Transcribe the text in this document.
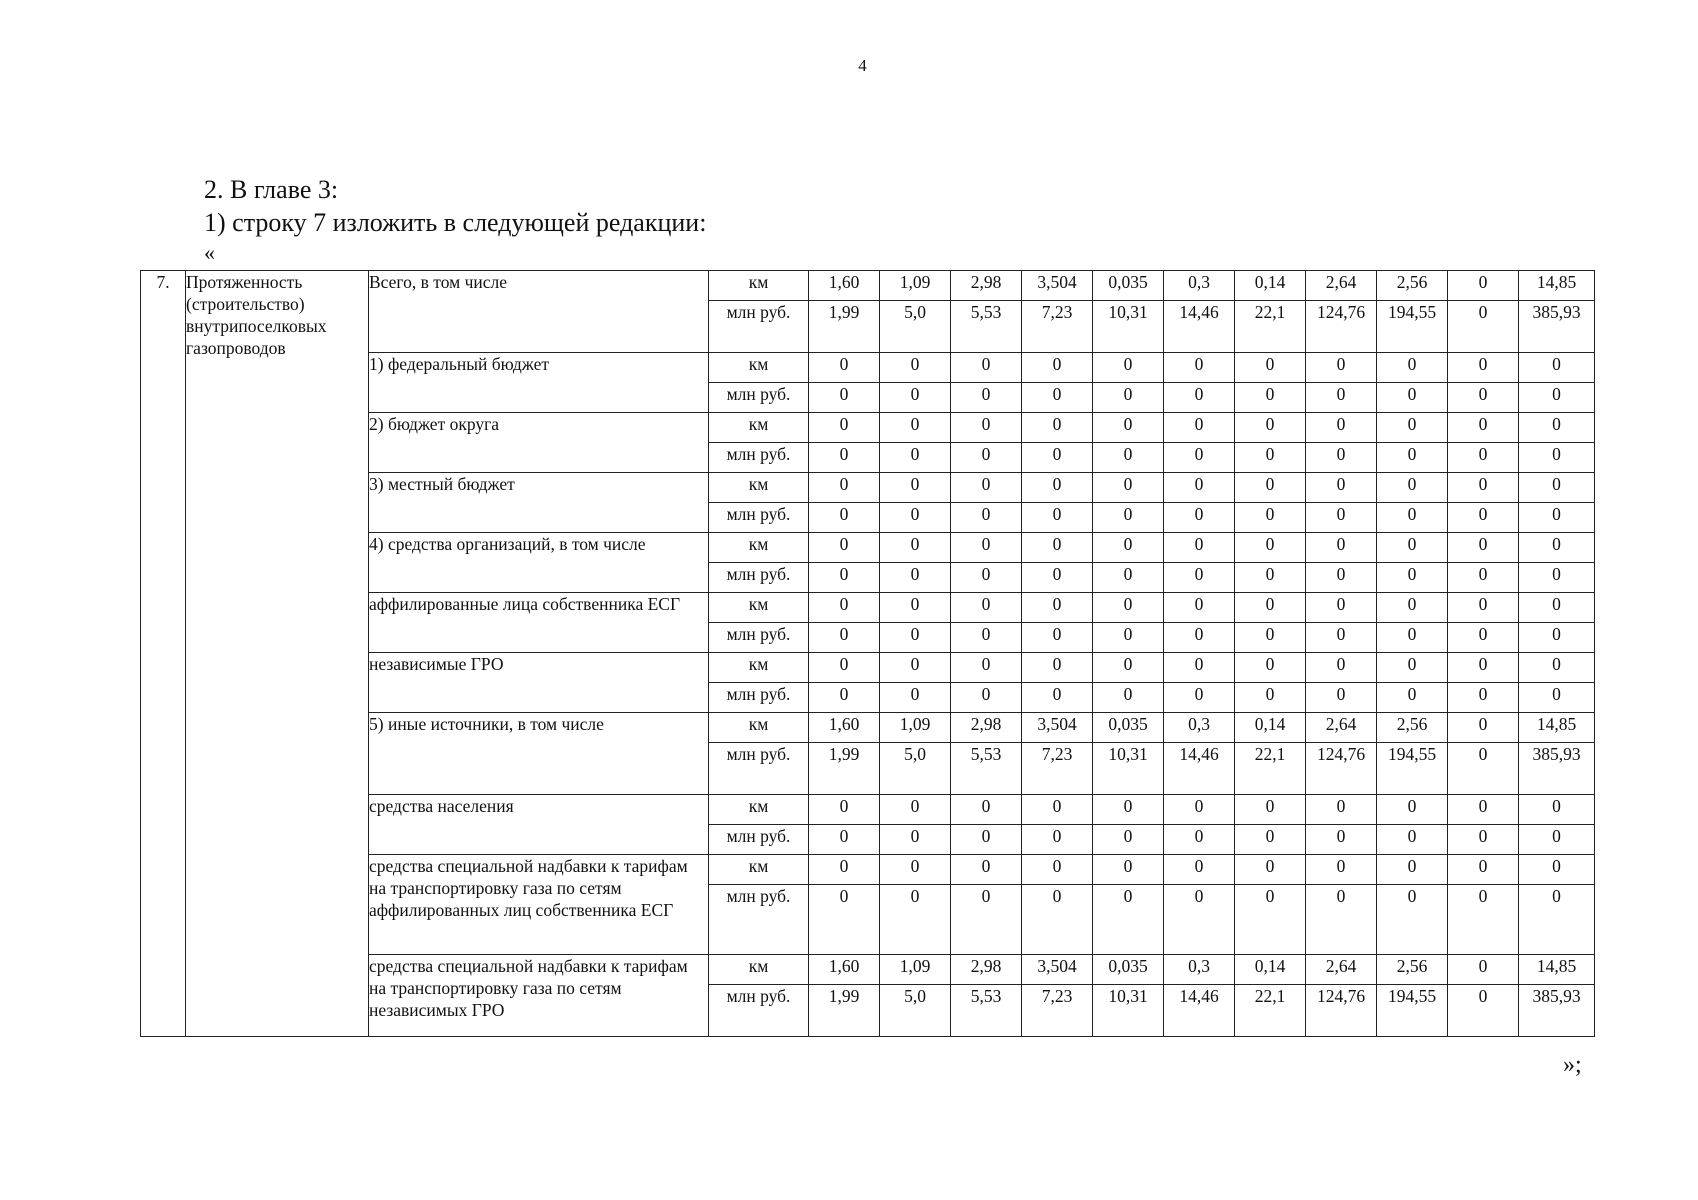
4
2. В главе 3:
1) строку 7 изложить в следующей редакции:
«
7.	Протяженность (строительство) внутрипоселковых газопроводов	Всего, в том числе	км	1,60	1,09	2,98	3,504	0,035	0,3	0,14	2,64	2,56	0	14,85
			млн руб.	1,99	5,0	5,53	7,23	10,31	14,46	22,1	124,76	194,55	0	385,93
		1) федеральный бюджет	км	0	0	0	0	0	0	0	0	0	0	0
			млн руб.	0	0	0	0	0	0	0	0	0	0	0
		2) бюджет округа	км	0	0	0	0	0	0	0	0	0	0	0
			млн руб.	0	0	0	0	0	0	0	0	0	0	0
		3) местный бюджет	км	0	0	0	0	0	0	0	0	0	0	0
			млн руб.	0	0	0	0	0	0	0	0	0	0	0
		4) средства организаций, в том числе	км	0	0	0	0	0	0	0	0	0	0	0
			млн руб.	0	0	0	0	0	0	0	0	0	0	0
		аффилированные лица собственника ЕСГ	км	0	0	0	0	0	0	0	0	0	0	0
			млн руб.	0	0	0	0	0	0	0	0	0	0	0
		независимые ГРО	км	0	0	0	0	0	0	0	0	0	0	0
			млн руб.	0	0	0	0	0	0	0	0	0	0	0
		5) иные источники, в том числе	км	1,60	1,09	2,98	3,504	0,035	0,3	0,14	2,64	2,56	0	14,85
			млн руб.	1,99	5,0	5,53	7,23	10,31	14,46	22,1	124,76	194,55	0	385,93
		средства населения	км	0	0	0	0	0	0	0	0	0	0	0
			млн руб.	0	0	0	0	0	0	0	0	0	0	0
		средства специальной надбавки к тарифам на транспортировку газа по сетям аффилированных лиц собственника ЕСГ	км	0	0	0	0	0	0	0	0	0	0	0
			млн руб.	0	0	0	0	0	0	0	0	0	0	0
		средства специальной надбавки к тарифам на транспортировку газа по сетям независимых ГРО	км	1,60	1,09	2,98	3,504	0,035	0,3	0,14	2,64	2,56	0	14,85
			млн руб.	1,99	5,0	5,53	7,23	10,31	14,46	22,1	124,76	194,55	0	385,93
»;
